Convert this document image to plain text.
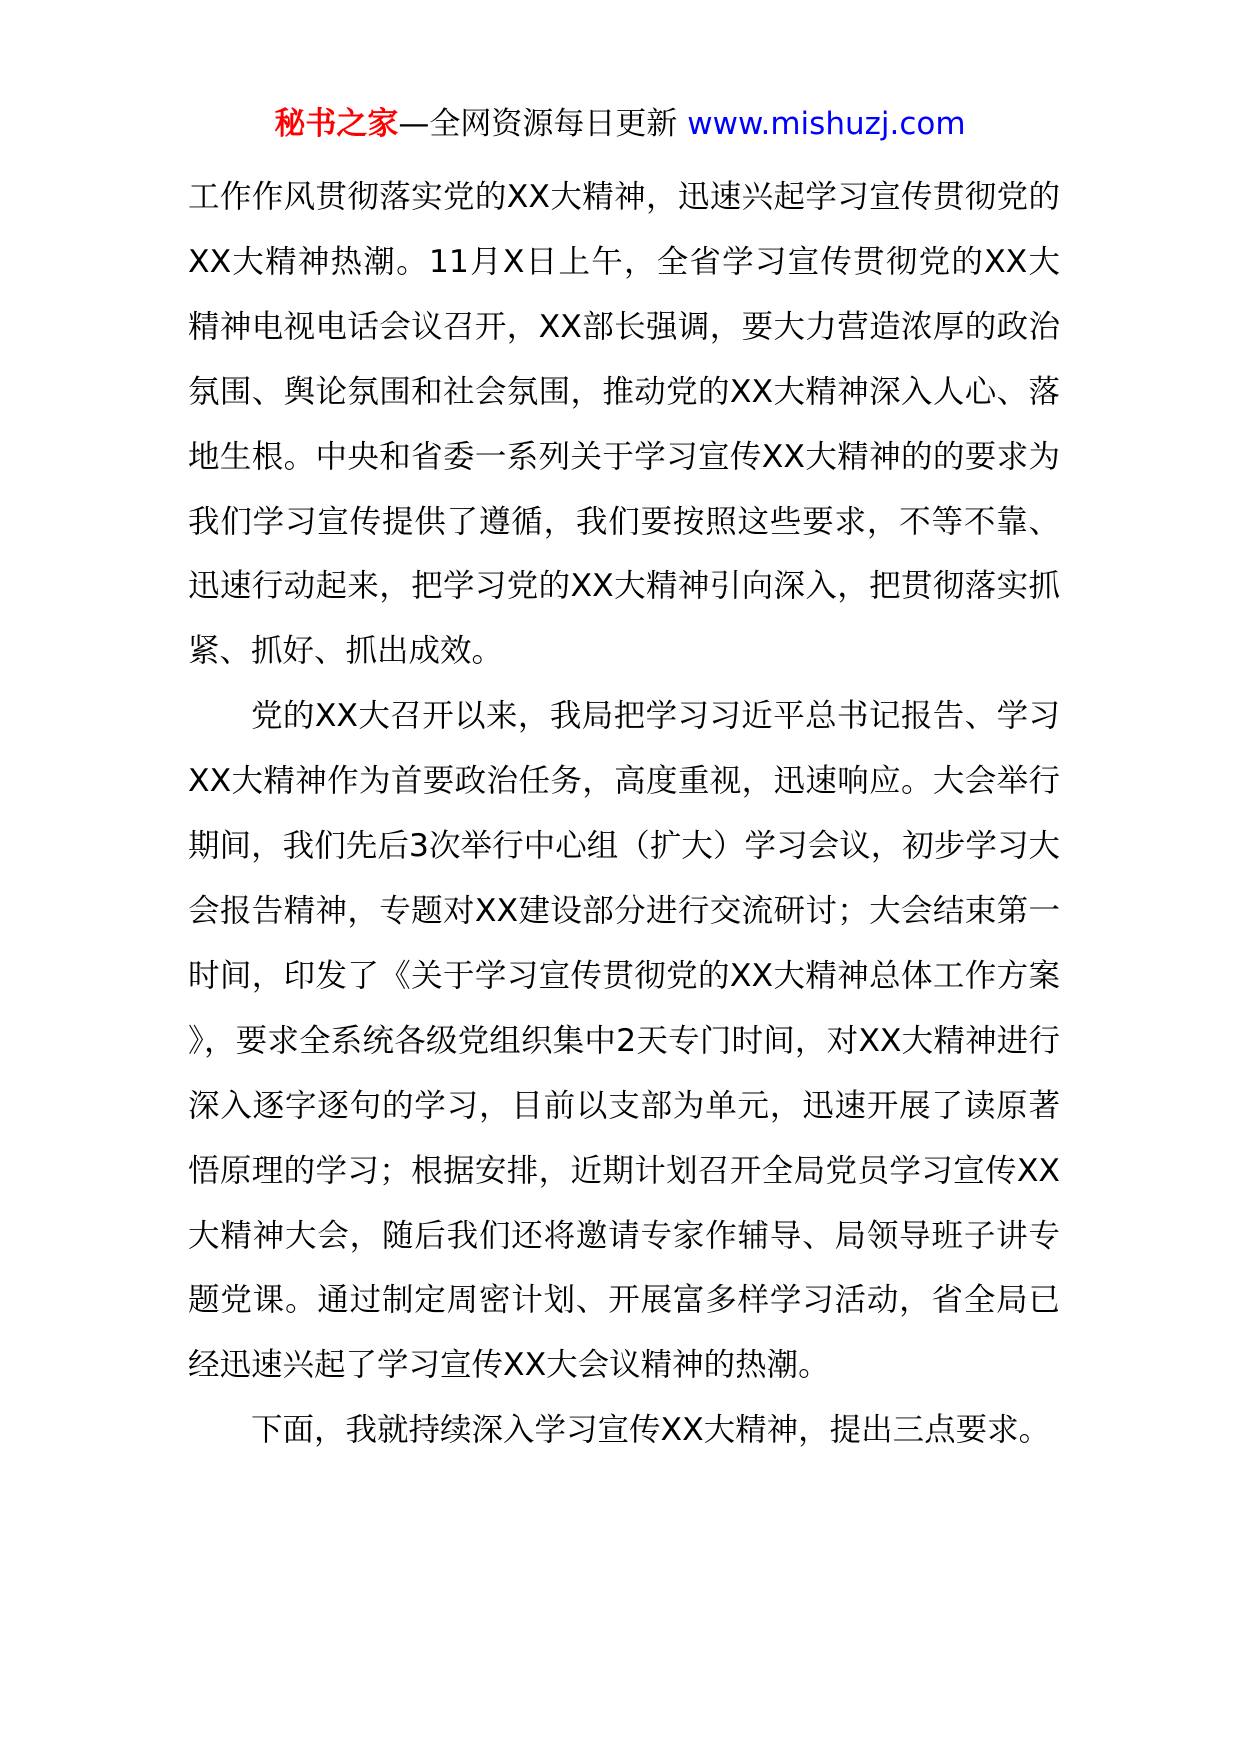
秘书之家—全网资源每日更新 www.mishuzj.com

工作作风贯彻落实党的XX大精神，迅速兴起学习宣传贯彻党的XX大精神热潮。11月X日上午，全省学习宣传贯彻党的XX大精神电视电话会议召开，XX部长强调，要大力营造浓厚的政治氛围、舆论氛围和社会氛围，推动党的XX大精神深入人心、落地生根。中央和省委一系列关于学习宣传XX大精神的的要求为我们学习宣传提供了遵循，我们要按照这些要求，不等不靠、迅速行动起来，把学习党的XX大精神引向深入，把贯彻落实抓紧、抓好、抓出成效。

党的XX大召开以来，我局把学习习近平总书记报告、学习XX大精神作为首要政治任务，高度重视，迅速响应。大会举行期间，我们先后3次举行中心组（扩大）学习会议，初步学习大会报告精神，专题对XX建设部分进行交流研讨；大会结束第一时间，印发了《关于学习宣传贯彻党的XX大精神总体工作方案》，要求全系统各级党组织集中2天专门时间，对XX大精神进行深入逐字逐句的学习，目前以支部为单元，迅速开展了读原著悟原理的学习；根据安排，近期计划召开全局党员学习宣传XX大精神大会，随后我们还将邀请专家作辅导、局领导班子讲专题党课。通过制定周密计划、开展富多样学习活动，省全局已经迅速兴起了学习宣传XX大会议精神的热潮。

下面，我就持续深入学习宣传XX大精神，提出三点要求。
